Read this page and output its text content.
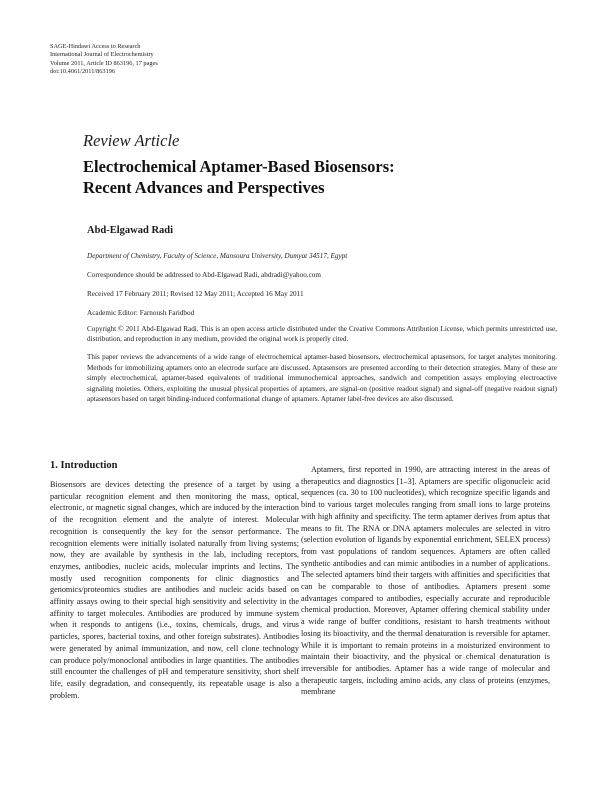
SAGE-Hindawi Access to Research
International Journal of Electrochemistry
Volume 2011, Article ID 863196, 17 pages
doi:10.4061/2011/863196
Review Article
Electrochemical Aptamer-Based Biosensors:
Recent Advances and Perspectives
Abd-Elgawad Radi
Department of Chemistry, Faculty of Science, Mansoura University, Dumyat 34517, Egypt
Correspondence should be addressed to Abd-Elgawad Radi, abdradi@yahoo.com
Received 17 February 2011; Revised 12 May 2011; Accepted 16 May 2011
Academic Editor: Farnoush Faridbod
Copyright © 2011 Abd-Elgawad Radi. This is an open access article distributed under the Creative Commons Attribution License, which permits unrestricted use, distribution, and reproduction in any medium, provided the original work is properly cited.
This paper reviews the advancements of a wide range of electrochemical aptamer-based biosensors, electrochemical aptasensors, for target analytes monitoring. Methods for immobilizing aptamers onto an electrode surface are discussed. Aptasensors are presented according to their detection strategies. Many of these are simply electrochemical, aptamer-based equivalents of traditional immunochemical approaches, sandwich and competition assays employing electroactive signaling moieties. Others, exploiting the unusual physical properties of aptamers, are signal-on (positive readout signal) and signal-off (negative readout signal) aptasensors based on target binding-induced conformational change of aptamers. Aptamer label-free devices are also discussed.
1. Introduction

Biosensors are devices detecting the presence of a target by using a particular recognition element and then monitoring the mass, optical, electronic, or magnetic signal changes, which are induced by the interaction of the recognition element and the analyte of interest. Molecular recognition is consequently the key for the sensor performance. The recognition elements were initially isolated naturally from living systems; now, they are available by synthesis in the lab, including receptors, enzymes, antibodies, nucleic acids, molecular imprints and lectins. The mostly used recognition components for clinic diagnostics and genomics/proteomics studies are antibodies and nucleic acids based on affinity assays owing to their special high sensitivity and selectivity in the affinity to target molecules. Antibodies are produced by immune system when it responds to antigens (i.e., toxins, chemicals, drugs, and virus particles, spores, bacterial toxins, and other foreign substrates). Antibodies were generated by animal immunization, and now, cell clone technology can produce poly/monoclonal antibodies in large quantities. The antibodies still encounter the challenges of pH and temperature sensitivity, short shelf life, easily degradation, and consequently, its repeatable usage is also a problem.

Aptamers, first reported in 1990, are attracting interest in the areas of therapeutics and diagnostics [1–3]. Aptamers are specific oligonucleic acid sequences (ca. 30 to 100 nucleotides), which recognize specific ligands and bind to various target molecules ranging from small ions to large proteins with high affinity and specificity. The term aptamer derives from aptus that means to fit. The RNA or DNA aptamers molecules are selected in vitro (selection evolution of ligands by exponential enrichment, SELEX process) from vast populations of random sequences. Aptamers are often called synthetic antibodies and can mimic antibodies in a number of applications. The selected aptamers bind their targets with affinities and specificities that can be comparable to those of antibodies. Aptamers present some advantages compared to antibodies, especially accurate and reproducible chemical production. Moreover, Aptamer offering chemical stability under a wide range of buffer conditions, resistant to harsh treatments without losing its bioactivity, and the thermal denaturation is reversible for aptamer. While it is important to remain proteins in a moisturized environment to maintain their bioactivity, and the physical or chemical denaturation is irreversible for antibodies. Aptamer has a wide range of molecular and therapeutic targets, including amino acids, any class of proteins (enzymes, membrane
